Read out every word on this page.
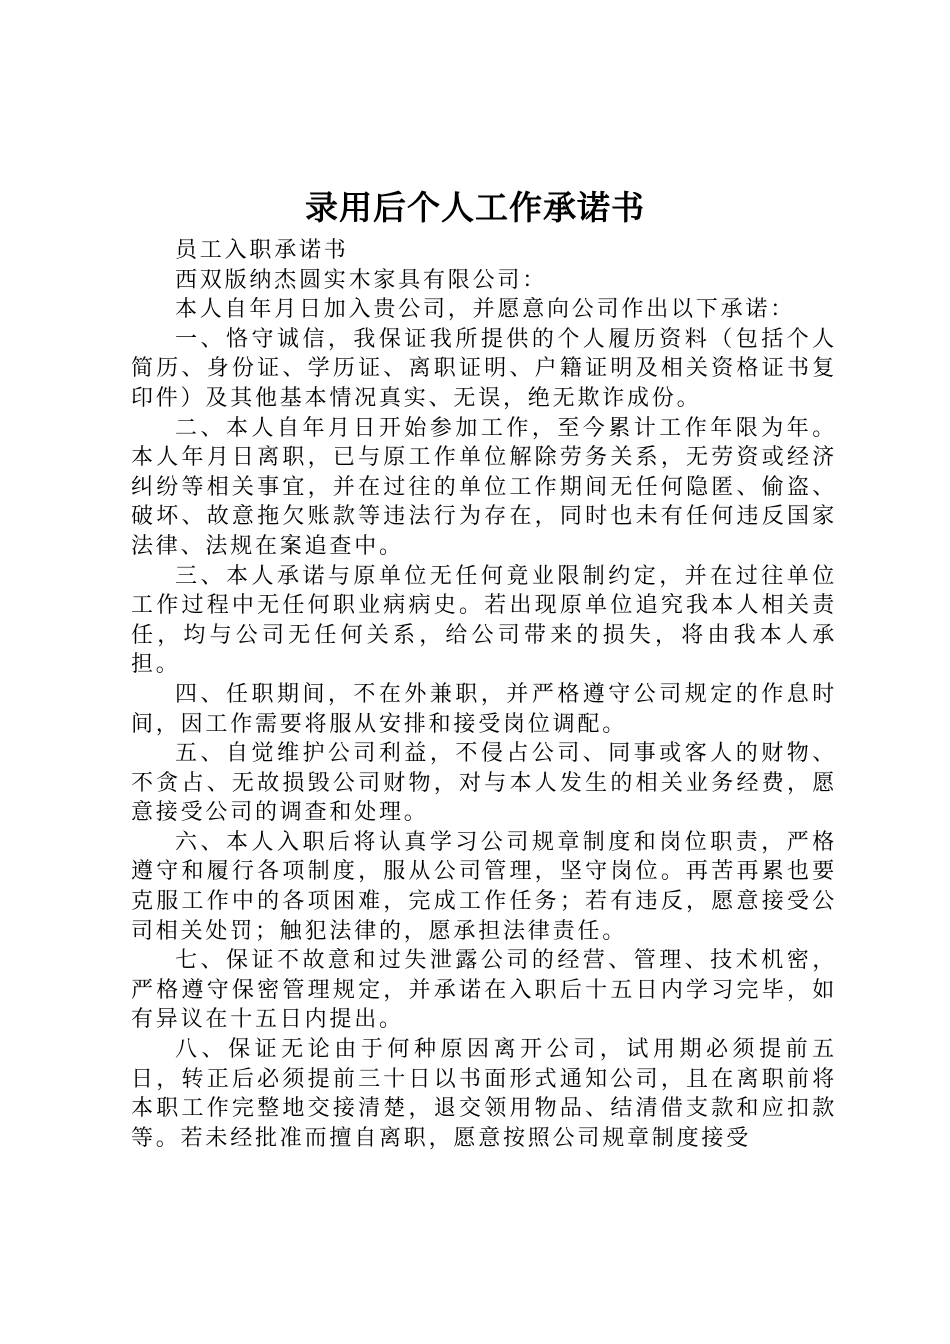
录用后个人工作承诺书

员工入职承诺书

西双版纳杰圆实木家具有限公司：

本人自年月日加入贵公司，并愿意向公司作出以下承诺：

一、恪守诚信，我保证我所提供的个人履历资料（包括个人简历、身份证、学历证、离职证明、户籍证明及相关资格证书复印件）及其他基本情况真实、无误，绝无欺诈成份。

二、本人自年月日开始参加工作，至今累计工作年限为年。本人年月日离职，已与原工作单位解除劳务关系，无劳资或经济纠纷等相关事宜，并在过往的单位工作期间无任何隐匿、偷盗、破坏、故意拖欠账款等违法行为存在，同时也未有任何违反国家法律、法规在案追查中。

三、本人承诺与原单位无任何竟业限制约定，并在过往单位工作过程中无任何职业病病史。若出现原单位追究我本人相关责任，均与公司无任何关系，给公司带来的损失，将由我本人承担。

四、任职期间，不在外兼职，并严格遵守公司规定的作息时间，因工作需要将服从安排和接受岗位调配。

五、自觉维护公司利益，不侵占公司、同事或客人的财物、不贪占、无故损毁公司财物，对与本人发生的相关业务经费，愿意接受公司的调查和处理。

六、本人入职后将认真学习公司规章制度和岗位职责，严格遵守和履行各项制度，服从公司管理，坚守岗位。再苦再累也要克服工作中的各项困难，完成工作任务；若有违反，愿意接受公司相关处罚；触犯法律的，愿承担法律责任。

七、保证不故意和过失泄露公司的经营、管理、技术机密，严格遵守保密管理规定，并承诺在入职后十五日内学习完毕，如有异议在十五日内提出。

八、保证无论由于何种原因离开公司，试用期必须提前五日，转正后必须提前三十日以书面形式通知公司，且在离职前将本职工作完整地交接清楚，退交领用物品、结清借支款和应扣款等。若未经批准而擅自离职，愿意按照公司规章制度接受
